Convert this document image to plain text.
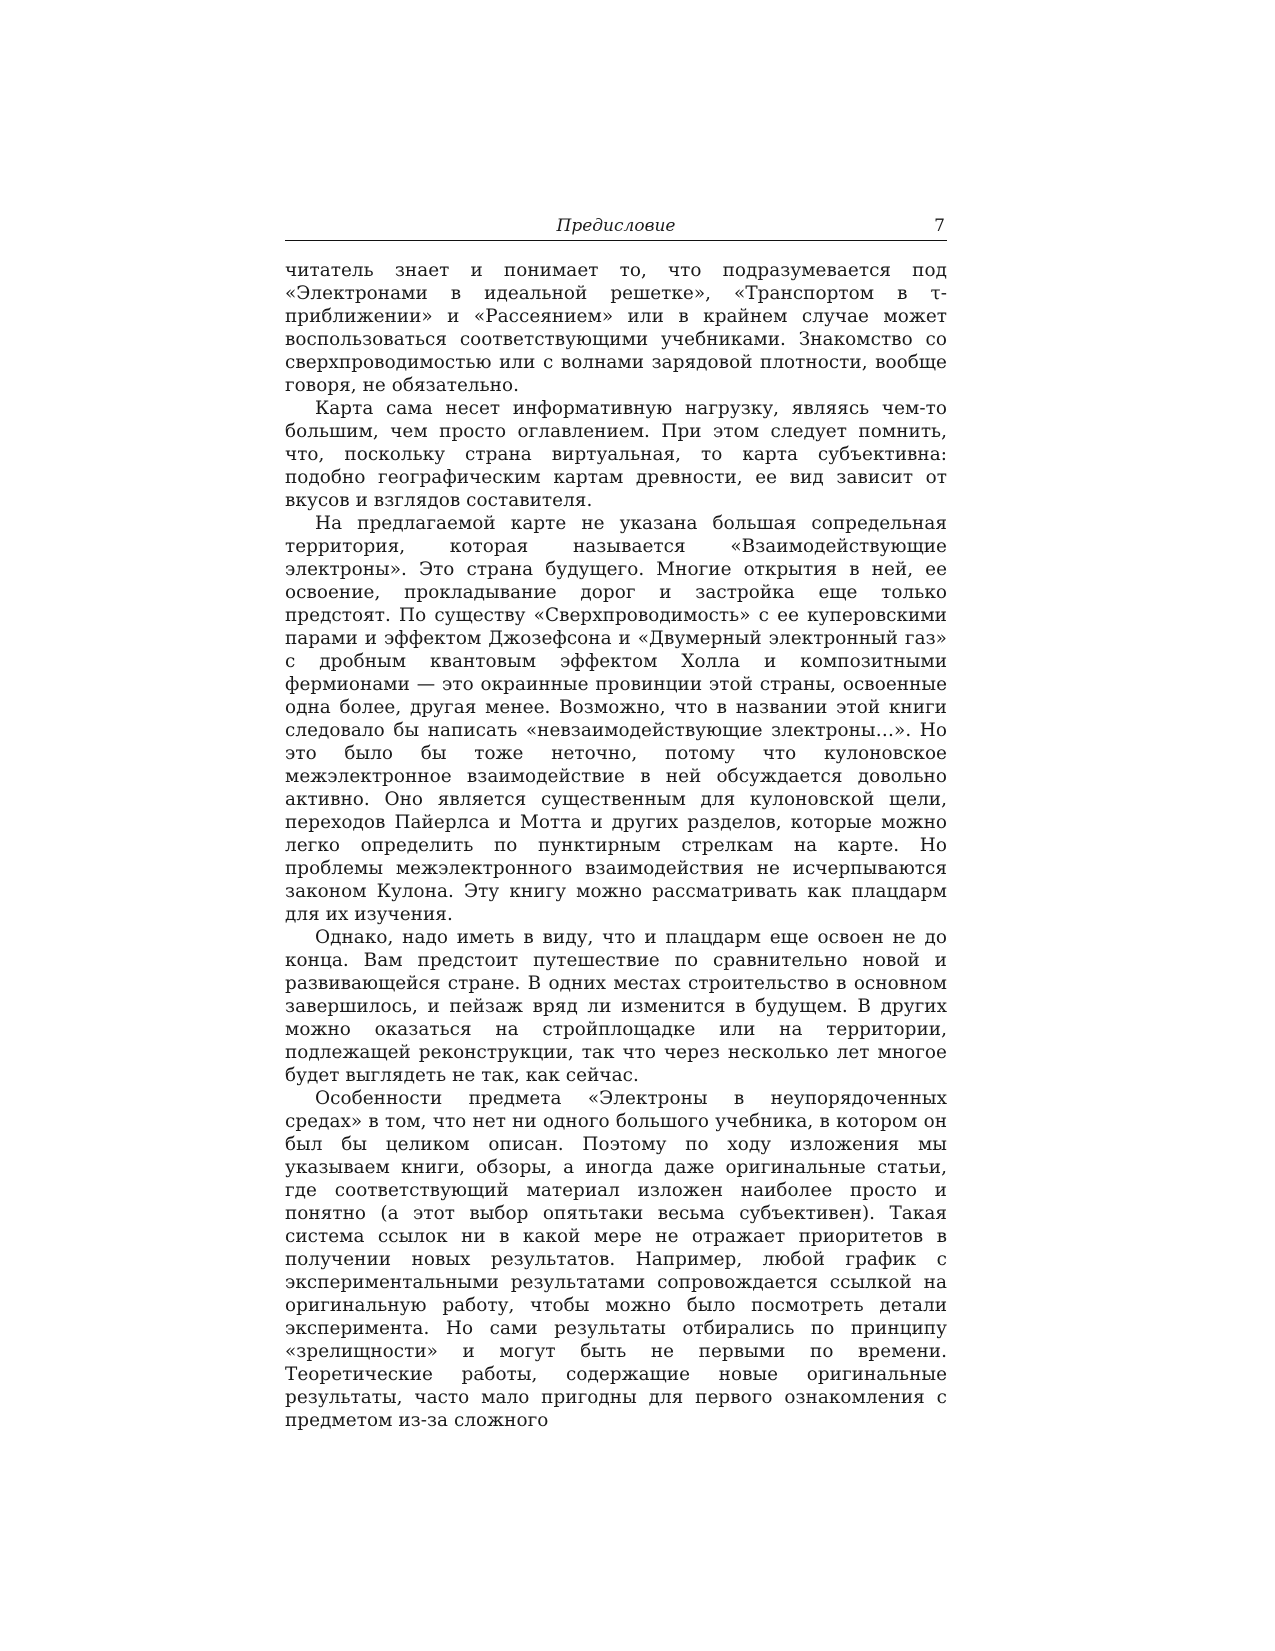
Предисловие	7

читатель знает и понимает то, что подразумевается под «Электронами в идеальной решетке», «Транспортом в τ-приближении» и «Рассеянием» или в крайнем случае может воспользоваться соответствующими учебниками. Знакомство со сверхпроводимостью или с волнами зарядовой плотности, вообще говоря, не обязательно.

Карта сама несет информативную нагрузку, являясь чем-то большим, чем просто оглавлением. При этом следует помнить, что, поскольку страна виртуальная, то карта субъективна: подобно географическим картам древности, ее вид зависит от вкусов и взглядов составителя.

На предлагаемой карте не указана большая сопредельная территория, которая называется «Взаимодействующие электроны». Это страна будущего. Многие открытия в ней, ее освоение, прокладывание дорог и застройка еще только предстоят. По существу «Сверхпроводимость» с ее куперовскими парами и эффектом Джозефсона и «Двумерный электронный газ» с дробным квантовым эффектом Холла и композитными фермионами — это окраинные провинции этой страны, освоенные одна более, другая менее. Возможно, что в названии этой книги следовало бы написать «невзаимодействующие злектроны…». Но это было бы тоже неточно, потому что кулоновское межэлектронное взаимодействие в ней обсуждается довольно активно. Оно является существенным для кулоновской щели, переходов Пайерлса и Мотта и других разделов, которые можно легко определить по пунктирным стрелкам на карте. Но проблемы межэлектронного взаимодействия не исчерпываются законом Кулона. Эту книгу можно рассматривать как плацдарм для их изучения.

Однако, надо иметь в виду, что и плацдарм еще освоен не до конца. Вам предстоит путешествие по сравнительно новой и развивающейся стране. В одних местах строительство в основном завершилось, и пейзаж вряд ли изменится в будущем. В других можно оказаться на стройплощадке или на территории, подлежащей реконструкции, так что через несколько лет многое будет выглядеть не так, как сейчас.

Особенности предмета «Электроны в неупорядоченных средах» в том, что нет ни одного большого учебника, в котором он был бы целиком описан. Поэтому по ходу изложения мы указываем книги, обзоры, а иногда даже оригинальные статьи, где соответствующий материал изложен наиболее просто и понятно (а этот выбор опятьтаки весьма субъективен). Такая система ссылок ни в какой мере не отражает приоритетов в получении новых результатов. Например, любой график с экспериментальными результатами сопровождается ссылкой на оригинальную работу, чтобы можно было посмотреть детали эксперимента. Но сами результаты отбирались по принципу «зрелищности» и могут быть не первыми по времени. Теоретические работы, содержащие новые оригинальные результаты, часто мало пригодны для первого ознакомления с предметом из-за сложного
